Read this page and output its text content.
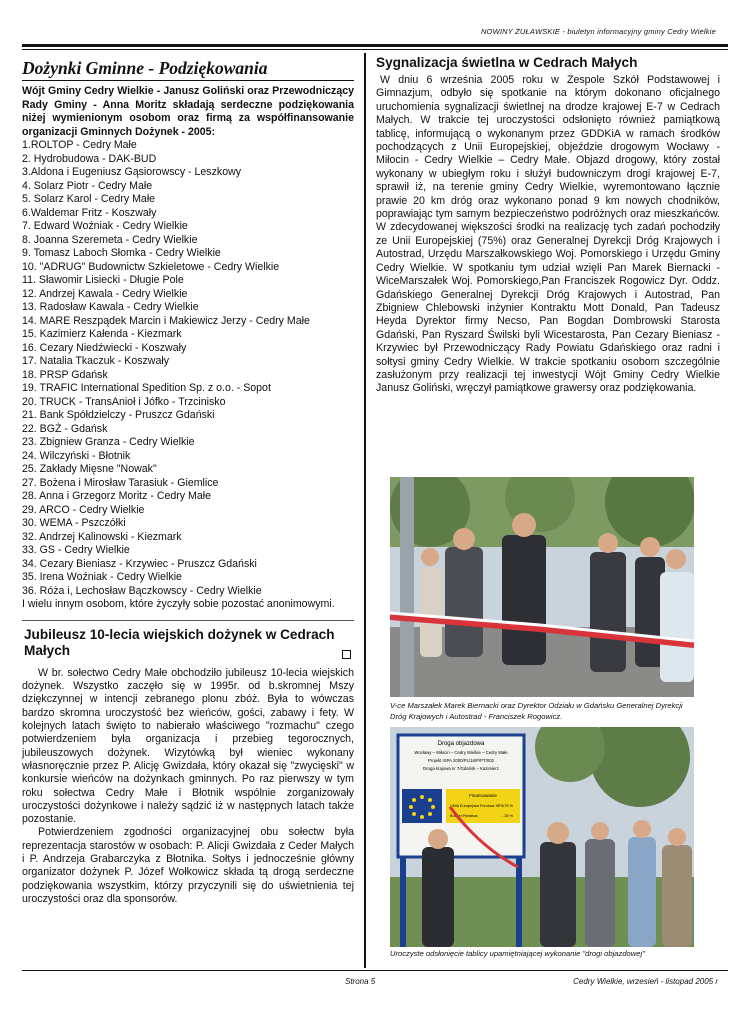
NOWINY ŻUŁAWSKIE - biuletyn informacyjny gminy Cedry Wielkie
Dożynki Gminne - Podziękowania

Wójt Gminy Cedry Wielkie - Janusz Goliński oraz Przewodniczący Rady Gminy - Anna Moritz składają serdeczne podziękowania niżej wymienionym osobom oraz firmą za współfinansowanie organizacji Gminnych Dożynek - 2005:

1.ROLTOP - Cedry Małe
2. Hydrobudowa - DAK-BUD
3.Aldona i Eugeniusz Gąsiorowscy - Leszkowy
4. Solarz Piotr - Cedry Małe
5. Solarz Karol - Cedry Małe
6.Waldemar Fritz - Koszwały
7. Edward Woźniak - Cedry Wielkie
8. Joanna Szeremeta - Cedry Wielkie
9. Tomasz Laboch Słomka - Cedry Wielkie
10. "ADRUG" Budownictw Szkieletowe - Cedry Wielkie
11. Sławomir Lisiecki - Długie Pole
12. Andrzej Kawala - Cedry Wielkie
13. Radosław Kawala - Cedry Wielkie
14. MARE Reszpądek Marcin i Makiewicz Jerzy - Cedry Małe
15. Kazimierz Kałenda - Kiezmark
16. Cezary Niedźwiecki - Koszwały
17. Natalia Tkaczuk - Koszwały
18. PRSP Gdańsk
19. TRAFIC International Spedition Sp. z o.o. - Sopot
20. TRUCK - TransAnioł i Jófko - Trzcinisko
21. Bank Spółdzielczy - Pruszcz Gdański
22. BGŻ - Gdańsk
23. Zbigniew Granza - Cedry Wielkie
24. Wilczyński - Błotnik
25. Zakłady Mięsne "Nowak"
27. Bożena i Mirosław Tarasiuk - Giemlice
28. Anna i Grzegorz Moritz - Cedry Małe
29. ARCO - Cedry Wielkie
30. WEMA - Pszczółki
32. Andrzej Kalinowski - Kiezmark
33. GS - Cedry Wielkie
34. Cezary Bieniasz - Krzywiec - Pruszcz Gdański
35. Irena Woźniak - Cedry Wielkie
36. Róża i, Lechosław Bączkowscy - Cedry Wielkie

I wielu innym osobom, które życzyły sobie pozostać anonimowymi.

Jubileusz 10-lecia wiejskich dożynek w Cedrach Małych

W br. sołectwo Cedry Małe obchodziło jubileusz 10-lecia wiejskich dożynek. Wszystko zaczęło się w 1995r. od b.skromnej Mszy dziękczynnej w intencji zebranego plonu zbóż. Była to wówczas bardzo skromna uroczystość bez wieńców, gości, zabawy i fety. W kolejnych latach święto to nabierało właściwego "rozmachu" czego potwierdzeniem była organizacja i przebieg tegorocznych, jubileuszowych dożynek. Wizytówką był wieniec wykonany własnoręcznie przez P. Alicję Gwizdała, który okazał się "zwycięski" w konkursie wieńców na dożynkach gminnych. Po raz pierwszy w tym roku sołectwa Cedry Małe i Błotnik wspólnie zorganizowały uroczystości dożynkowe i należy sądzić iż w następnych latach także pozostanie.

Potwierdzeniem zgodności organizacyjnej obu sołectw była reprezentacja starostów w osobach: P. Alicji Gwizdała z Ceder Małych i P. Andrzeja Grabarczyka z Błotnika. Sołtys i jednocześnie główny organizator dożynek P. Józef Wołkowicz składa tą drogą serdeczne podziękowania wszystkim, którzy przyczynili się do uświetnienia tej uroczystości oraz dla sponsorów.

Sygnalizacja świetlna w Cedrach Małych

W dniu 6 września 2005 roku w Zespole Szkół Podstawowej i Gimnazjum, odbyło się spotkanie na którym dokonano oficjalnego uruchomienia sygnalizacji świetlnej na drodze krajowej E-7 w Cedrach Małych. W trakcie tej uroczystości odsłonięto również pamiątkową tablicę, informującą o wykonanym przez GDDKiA w ramach środków pochodzących z Unii Europejskiej, objeździe drogowym Wocławy - Miłocin - Cedry Wielkie – Cedry Małe. Objazd drogowy, który został wykonany w ubiegłym roku i służył budowniczym drogi krajowej E-7, sprawił iż, na terenie gminy Cedry Wielkie, wyremontowano łącznie prawie 20 km dróg oraz wykonano ponad 9 km nowych chodników, poprawiając tym samym bezpieczeństwo podróżnych oraz mieszkańców. W zdecydowanej większości środki na realizację tych zadań pochodziły ze Unii Europejskiej (75%) oraz Generalnej Dyrekcji Dróg Krajowych i Autostrad, Urzędu Marszałkowskiego Woj. Pomorskiego i Urzędu Gminy Cedry Wielkie. W spotkaniu tym udział wzięli Pan Marek Biernacki - WiceMarszałek Woj. Pomorskiego,Pan Franciszek Rogowicz Dyr. Oddz. Gdańskiego Generalnej Dyrekcji Dróg Krajowych i Autostrad, Pan Zbigniew Chlebowski inżynier Kontraktu Mott Donald, Pan Tadeusz Heyda Dyrektor firmy Necso, Pan Bogdan Dombrowski Starosta Gdański, Pan Ryszard Świlski byli Wicestarosta, Pan Cezary Bieniasz - Krzywiec był Przewodniczący Rady Powiatu Gdańskiego oraz radni i sołtysi gminy Cedry Wielkie. W trakcie spotkaniu osobom szczególnie zasłużonym przy realizacji tej inwestycji Wójt Gminy Cedry Wielkie Janusz Goliński, wręczył pamiątkowe grawersy oraz podziękowania.

V-ce Marszałek Marek Biernacki oraz Dyrektor Odziału w Gdańsku Generalnej Dyrekcji Dróg Krajowych i Autostrad - Franciszek Rogowicz.
Droga objazdowa
Wocławy – Miłocin – Cedry Wielkie – Cedry Małe
Projekt ISPA 2000/PL/16/P/PT/002
Droga krajowa nr 7/Gdańsk – Kazimierz
Finansowanie
UNIA Europejska Fundusz ISPA
- 75 %
Budżet Państwa	- 25 %
Uroczyste odsłonięcie tablicy upamiętniającej wykonanie "drogi objazdowej"
Strona 5	Cedry Wielkie, wrzesień - listopad 2005 r
